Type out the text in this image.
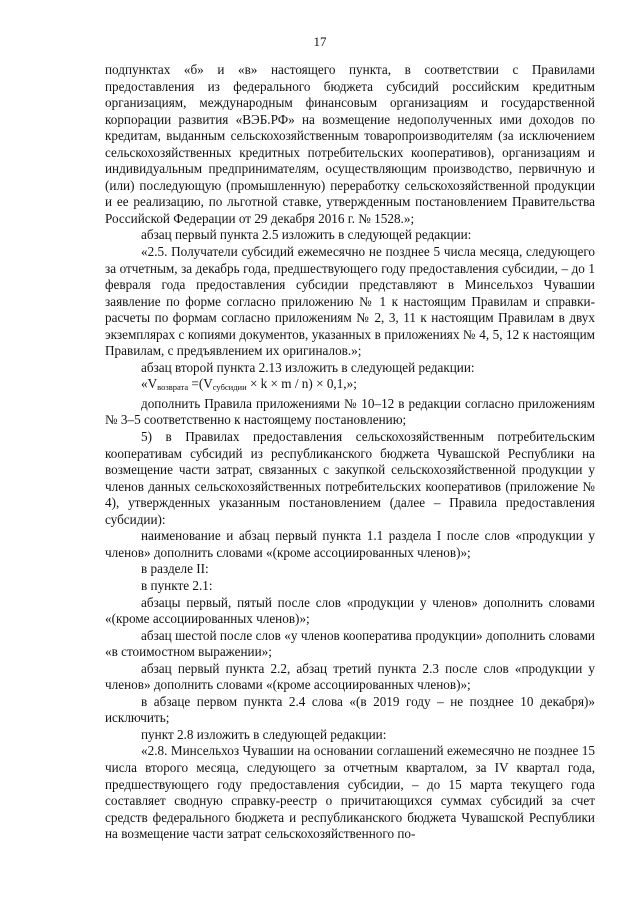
17

подпунктах «б» и «в» настоящего пункта, в соответствии с Правилами предоставления из федерального бюджета субсидий российским кредитным организациям, международным финансовым организациям и государственной корпорации развития «ВЭБ.РФ» на возмещение недополученных ими доходов по кредитам, выданным сельскохозяйственным товаропроизводителям (за исключением сельскохозяйственных кредитных потребительских кооперативов), организациям и индивидуальным предпринимателям, осуществляющим производство, первичную и (или) последующую (промышленную) переработку сельскохозяйственной продукции и ее реализацию, по льготной ставке, утвержденным постановлением Правительства Российской Федерации от 29 декабря 2016 г. № 1528.»;

абзац первый пункта 2.5 изложить в следующей редакции:

«2.5. Получатели субсидий ежемесячно не позднее 5 числа месяца, следующего за отчетным, за декабрь года, предшествующего году предоставления субсидии, – до 1 февраля года предоставления субсидии представляют в Минсельхоз Чувашии заявление по форме согласно приложению № 1 к настоящим Правилам и справки-расчеты по формам согласно приложениям № 2, 3, 11 к настоящим Правилам в двух экземплярах с копиями документов, указанных в приложениях № 4, 5, 12 к настоящим Правилам, с предъявлением их оригиналов.»;

абзац второй пункта 2.13 изложить в следующей редакции:

«$V_{возврата} =(V_{субсидии} \times k \times m / n) \times 0,1$,»;

дополнить Правила приложениями № 10–12 в редакции согласно приложениям № 3–5 соответственно к настоящему постановлению;

5) в Правилах предоставления сельскохозяйственным потребительским кооперативам субсидий из республиканского бюджета Чувашской Республики на возмещение части затрат, связанных с закупкой сельскохозяйственной продукции у членов данных сельскохозяйственных потребительских кооперативов (приложение № 4), утвержденных указанным постановлением (далее – Правила предоставления субсидии):

наименование и абзац первый пункта 1.1 раздела I после слов «продукции у членов» дополнить словами «(кроме ассоциированных членов)»;

в разделе II:

в пункте 2.1:

абзацы первый, пятый после слов «продукции у членов» дополнить словами «(кроме ассоциированных членов)»;

абзац шестой после слов «у членов кооператива продукции» дополнить словами «в стоимостном выражении»;

абзац первый пункта 2.2, абзац третий пункта 2.3 после слов «продукции у членов» дополнить словами «(кроме ассоциированных членов)»;

в абзаце первом пункта 2.4 слова «(в 2019 году – не позднее 10 декабря)» исключить;

пункт 2.8 изложить в следующей редакции:

«2.8. Минсельхоз Чувашии на основании соглашений ежемесячно не позднее 15 числа второго месяца, следующего за отчетным кварталом, за IV квартал года, предшествующего году предоставления субсидии, – до 15 марта текущего года составляет сводную справку-реестр о причитающихся суммах субсидий за счет средств федерального бюджета и республиканского бюджета Чувашской Республики на возмещение части затрат сельскохозяйственного по-
